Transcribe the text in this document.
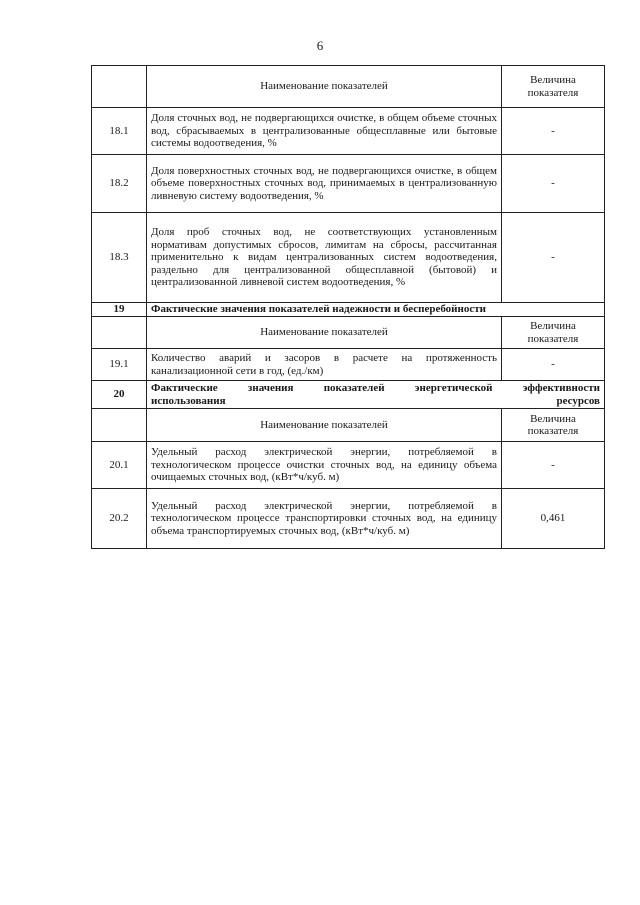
6
	Наименование показателей	Величина показателя
18.1	Доля сточных вод, не подвергающихся очистке, в общем объеме сточных вод, сбрасываемых в централизованные общесплавные или бытовые системы водоотведения, %	-
18.2	Доля поверхностных сточных вод, не подвергающихся очистке, в общем объеме поверхностных сточных вод, принимаемых в централизованную ливневую систему водоотведения, %	-
18.3	Доля проб сточных вод, не соответствующих установленным нормативам допустимых сбросов, лимитам на сбросы, рассчитанная применительно к видам централизованных систем водоотведения, раздельно для централизованной общесплавной (бытовой) и централизованной ливневой систем водоотведения, %	-
19	Фактические значения показателей надежности и бесперебойности	
	Наименование показателей	Величина показателя
19.1	Количество аварий и засоров в расчете на протяженность канализационной сети в год, (ед./км)	-
20	Фактические значения показателей энергетической эффективности
использования ресурсов	

	Наименование показателей	Величина показателя
20.1	Удельный расход электрической энергии, потребляемой в технологическом процессе очистки сточных вод, на единицу объема очищаемых сточных вод, (кВт*ч/куб. м)	-
20.2	Удельный расход электрической энергии, потребляемой в технологическом процессе транспортировки сточных вод, на единицу объема транспортируемых сточных вод, (кВт*ч/куб. м)	0,461
